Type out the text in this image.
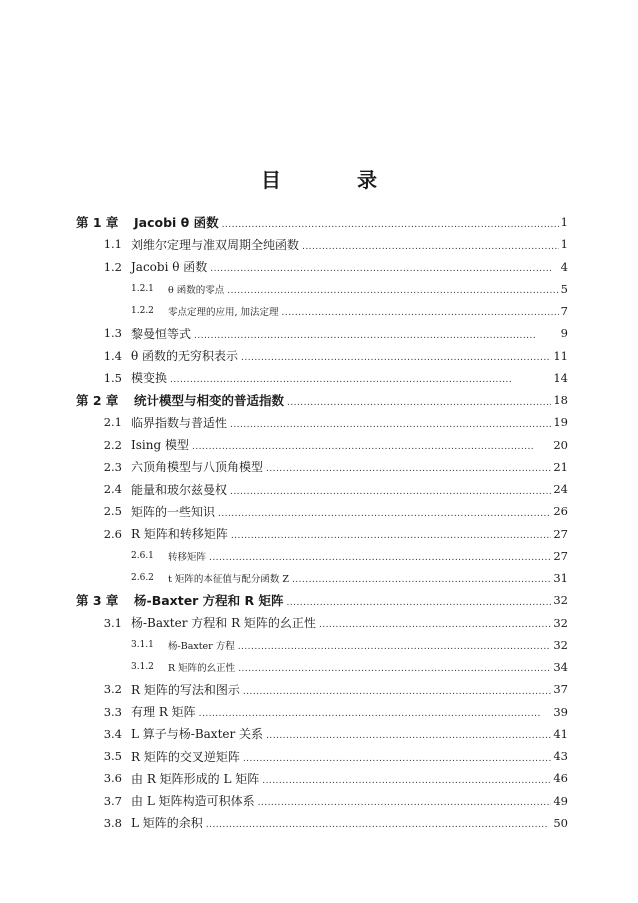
目　录
第 1 章 Jacobi θ 函数 . . .	1
1.1 刘维尔定理与准双周期全纯函数 . . .	1
1.2 Jacobi θ 函数 . . .	4
1.2.1 θ 函数的零点 . . .	5
1.2.2 零点定理的应用, 加法定理 . . .	7
1.3 黎曼恒等式 . . .	9
1.4 θ 函数的无穷积表示 . . .	11
1.5 模变换 . . .	14
第 2 章 统计模型与相变的普适指数 . . .	18
2.1 临界指数与普适性 . . .	19
2.2 Ising 模型 . . .	20
2.3 六顶角模型与八顶角模型 . . .	21
2.4 能量和玻尔兹曼权 . . .	24
2.5 矩阵的一些知识 . . .	26
2.6 R 矩阵和转移矩阵 . . .	27
2.6.1 转移矩阵 . . .	27
2.6.2 t 矩阵的本征值与配分函数 Z . . .	31
第 3 章 杨-Baxter 方程和 R 矩阵 . . .	32
3.1 杨-Baxter 方程和 R 矩阵的幺正性 . . .	32
3.1.1 杨-Baxter 方程 . . .	32
3.1.2 R 矩阵的幺正性 . . .	34
3.2 R 矩阵的写法和图示 . . .	37
3.3 有理 R 矩阵 . . .	39
3.4 L 算子与杨-Baxter 关系 . . .	41
3.5 R 矩阵的交叉逆矩阵 . . .	43
3.6 由 R 矩阵形成的 L 矩阵 . . .	46
3.7 由 L 矩阵构造可积体系 . . .	49
3.8 L 矩阵的余积 . . .	50
